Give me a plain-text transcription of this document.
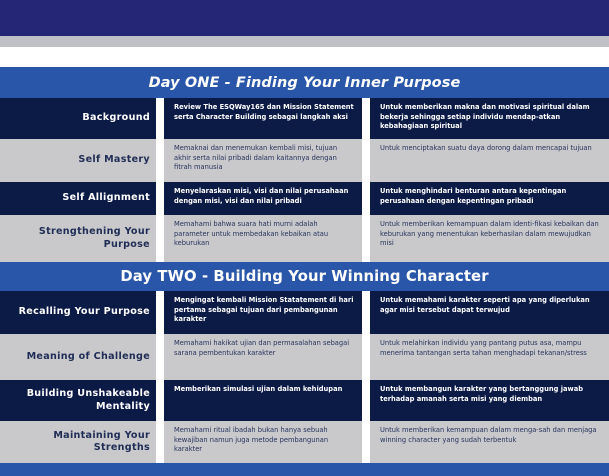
Day ONE - Finding Your Inner Purpose
Background
Review The ESQWay165 dan Mission Statement serta Character Building sebagai langkah aksi
Untuk memberikan makna dan motivasi spiritual dalam bekerja sehingga setiap individu mendap-atkan kebahagiaan spiritual
Self Mastery
Memaknai dan menemukan kembali misi, tujuan akhir serta nilai pribadi dalam kaitannya dengan fitrah manusia
Untuk menciptakan suatu daya dorong dalam mencapai tujuan
Self Allignment
Menyelaraskan misi, visi dan nilai perusahaan dengan misi, visi dan nilai pribadi
Untuk menghindari benturan antara kepentingan perusahaan dengan kepentingan pribadi
Strengthening Your Purpose
Memahami bahwa suara hati murni adalah parameter untuk membedakan kebaikan atau keburukan
Untuk memberikan kemampuan dalam identi-fikasi kebaikan dan keburukan yang menentukan keberhasilan dalam mewujudkan misi
Day TWO - Building Your Winning Character
Recalling Your Purpose
Mengingat kembali Mission Statatement di hari pertama sebagai tujuan dari pembangunan karakter
Untuk memahami karakter seperti apa yang diperlukan agar misi tersebut dapat terwujud
Meaning of Challenge
Memahami hakikat ujian dan permasalahan sebagai sarana pembentukan karakter
Untuk melahirkan individu yang pantang putus asa, mampu menerima tantangan serta tahan menghadapi tekanan/stress
Building Unshakeable Mentality
Memberikan simulasi ujian dalam kehidupan	Untuk membangun karakter yang bertanggung jawab terhadap amanah serta misi yang diemban
Maintaining Your Strengths
Memahami ritual ibadah bukan hanya sebuah kewajiban namun juga metode pembangunan karakter
Untuk memberikan kemampuan dalam menga-sah dan menjaga winning character yang sudah terbentuk
